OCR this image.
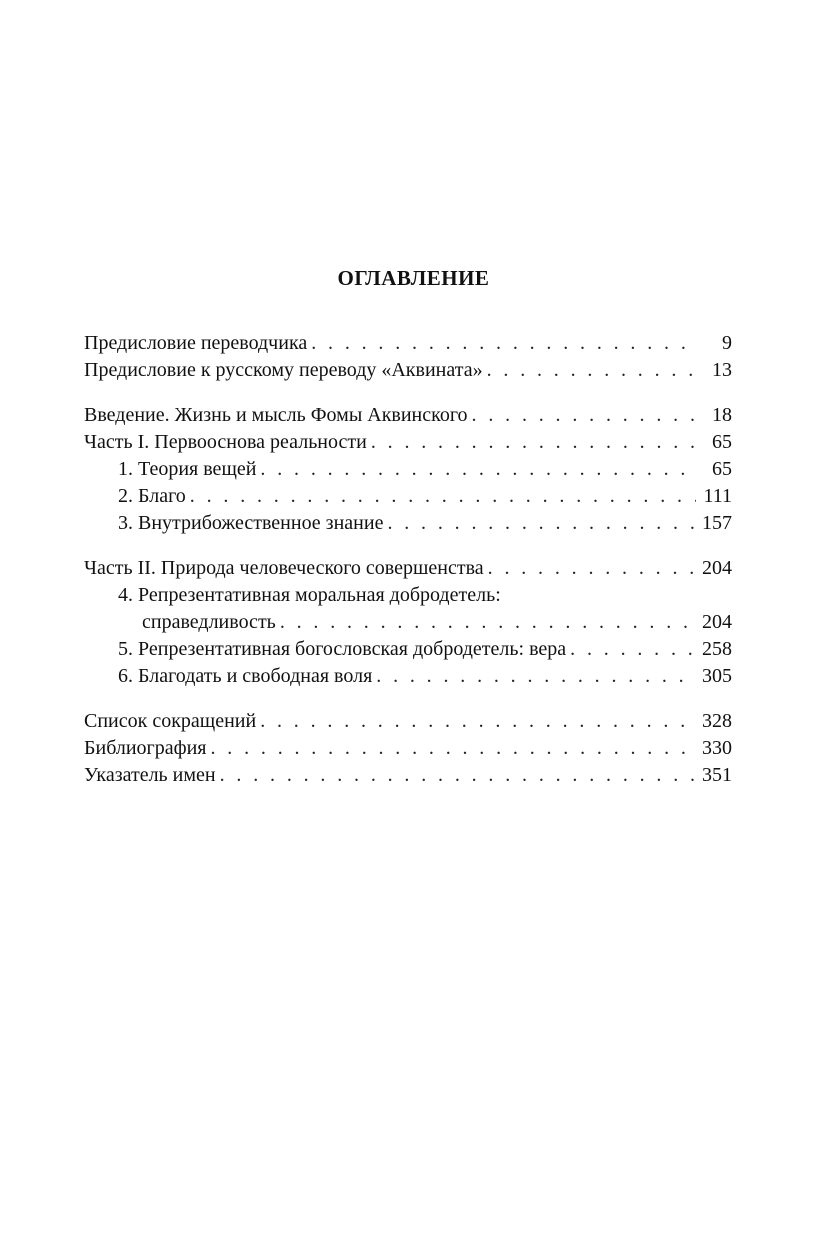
ОГЛАВЛЕНИЕ
Предисловие переводчика . . .	9
Предисловие к русскому переводу «Аквината» . . .	13
Введение. Жизнь и мысль Фомы Аквинского . . .	18
Часть I. Первооснова реальности . . .	65
1. Теория вещей . . .	65
2. Благо . . .	111
3. Внутрибожественное знание . . .	157
Часть II. Природа человеческого совершенства . . .	204
4. Репрезентативная моральная добродетель:
справедливость . . .	204
5. Репрезентативная богословская добродетель: вера . . .	258
6. Благодать и свободная воля . . .	305
Список сокращений . . .	328
Библиография . . .	330
Указатель имен . . .	351
